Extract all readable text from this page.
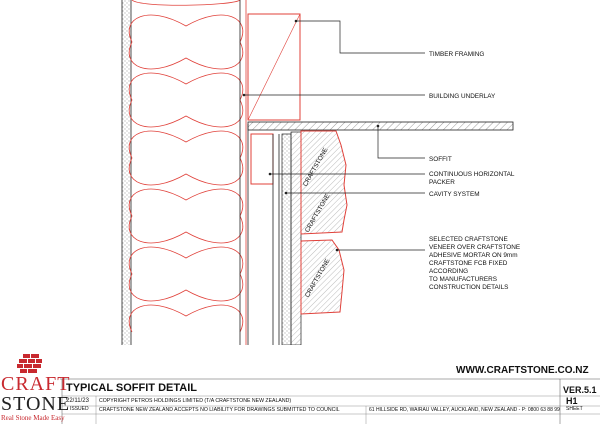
CRAFTSTONE
CRAFTSTONE
CRAFTSTONE
TIMBER FRAMING
BUILDING UNDERLAY
SOFFIT
CONTINUOUS HORIZONTAL
PACKER
CAVITY SYSTEM
SELECTED CRAFTSTONE
VENEER OVER CRAFTSTONE
ADHESIVE MORTAR ON 9mm
CRAFTSTONE FCB FIXED
ACCORDING
TO MANUFACTURERS
CONSTRUCTION DETAILS
CRAFT
STONE
Real Stone Made Easy
TYPICAL SOFFIT DETAIL
WWW.CRAFTSTONE.CO.NZ
22/11/23
ISSUED
COPYRIGHT PETROS HOLDINGS LIMITED (T/A CRAFTSTONE NEW ZEALAND)
CRAFTSTONE NEW ZEALAND ACCEPTS NO LIABILITY FOR DRAWINGS SUBMITTED TO COUNCIL	61 HILLSIDE RD, WAIRAU VALLEY, AUCKLAND, NEW ZEALAND - P: 0800 63 88 99
VER.5.1
H1
SHEET
